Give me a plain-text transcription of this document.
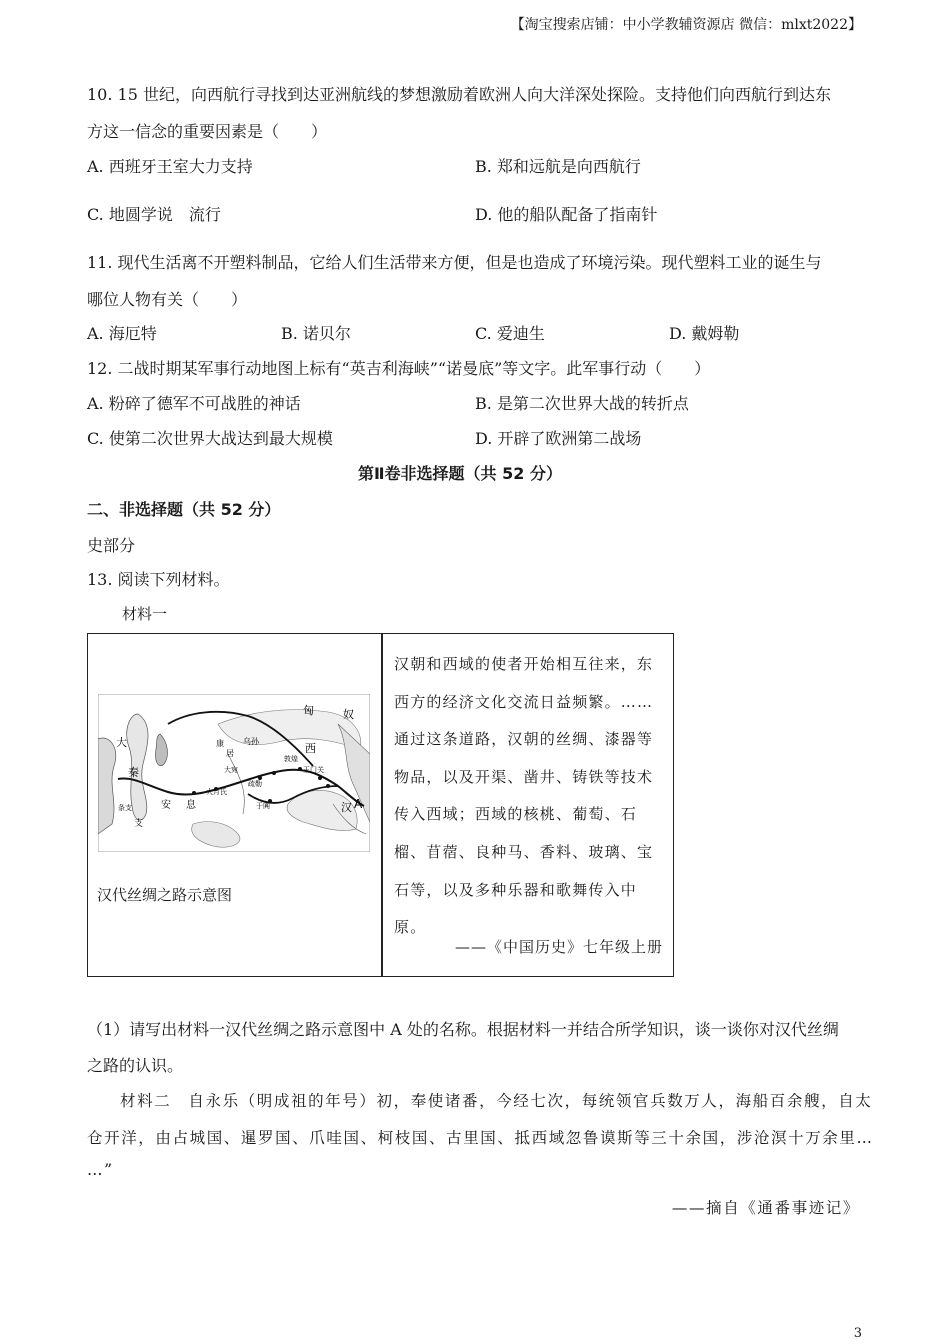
【淘宝搜索店铺：中小学教辅资源店 微信：mlxt2022】
10. 15 世纪，向西航行寻找到达亚洲航线的梦想激励着欧洲人向大洋深处探险。支持他们向西航行到达东
方这一信念的重要因素是（　　）
A. 西班牙王室大力支持	B. 郑和远航是向西航行
C. 地圆学说　流行	D. 他的船队配备了指南针
11. 现代生活离不开塑料制品，它给人们生活带来方便，但是也造成了环境污染。现代塑料工业的诞生与
哪位人物有关（　　）
A. 海厄特	B. 诺贝尔	C. 爱迪生	D. 戴姆勒
12. 二战时期某军事行动地图上标有“英吉利海峡”“诺曼底”等文字。此军事行动（　　）
A. 粉碎了德军不可战胜的神话	B. 是第二次世界大战的转折点
C. 使第二次世界大战达到最大规模	D. 开辟了欧洲第二战场
第Ⅱ卷非选择题（共 52 分）
二、非选择题（共 52 分）
史部分
13. 阅读下列材料。
材料一
匈	奴
大
秦
西
安 息	汉 A
支
康
居
乌孙
大宛
大月氏
于阗
敦煌
玉门关
疏勒
条支
汉代丝绸之路示意图
汉朝和西域的使者开始相互往来，东西方的经济文化交流日益频繁。……通过这条道路，汉朝的丝绸、漆器等物品，以及开渠、凿井、铸铁等技术传入西域；西域的核桃、葡萄、石榴、苜蓿、良种马、香料、玻璃、宝石等，以及多种乐器和歌舞传入中原。
——《中国历史》七年级上册
（1）请写出材料一汉代丝绸之路示意图中 A 处的名称。根据材料一并结合所学知识，谈一谈你对汉代丝绸
之路的认识。
材料二　自永乐（明成祖的年号）初，奉使诸番，今经七次，每统领官兵数万人，海船百余艘，自太
仓开洋，由占城国、暹罗国、爪哇国、柯枝国、古里国、抵西域忽鲁谟斯等三十余国，涉沧溟十万余里…
…”
——摘自《通番事迹记》
3
